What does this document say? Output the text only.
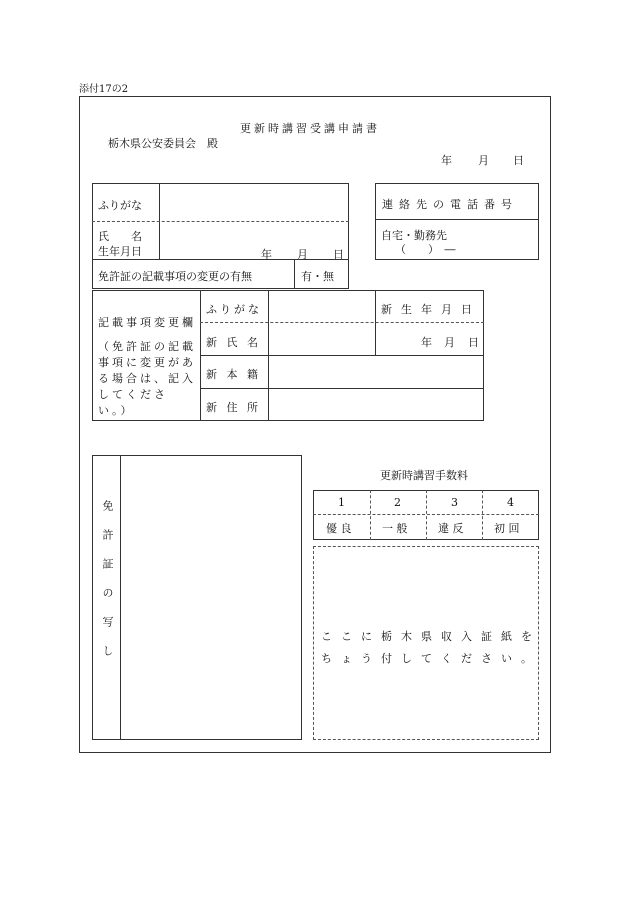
添付17の2
更新時講習受講申請書
栃木県公安委員会　殿
年 月 日
ふりがな
氏　　名
生年月日	年 月 日
免許証の記載事項の変更の有無	有・無
連絡先の電話番号
自宅・勤務先
（　　）　―
記載事項変更欄
（免許証の記載事項に変更がある場合は、記入してください。）
ふりがな
新 氏 名
新 本 籍
新 住 所
新生年月日
年 月 日
免許証の写し
更新時講習手数料
1	2	3	4
優 良	一 般	違 反	初 回
ここに栃木県収入証紙を
ちょう付してください。
